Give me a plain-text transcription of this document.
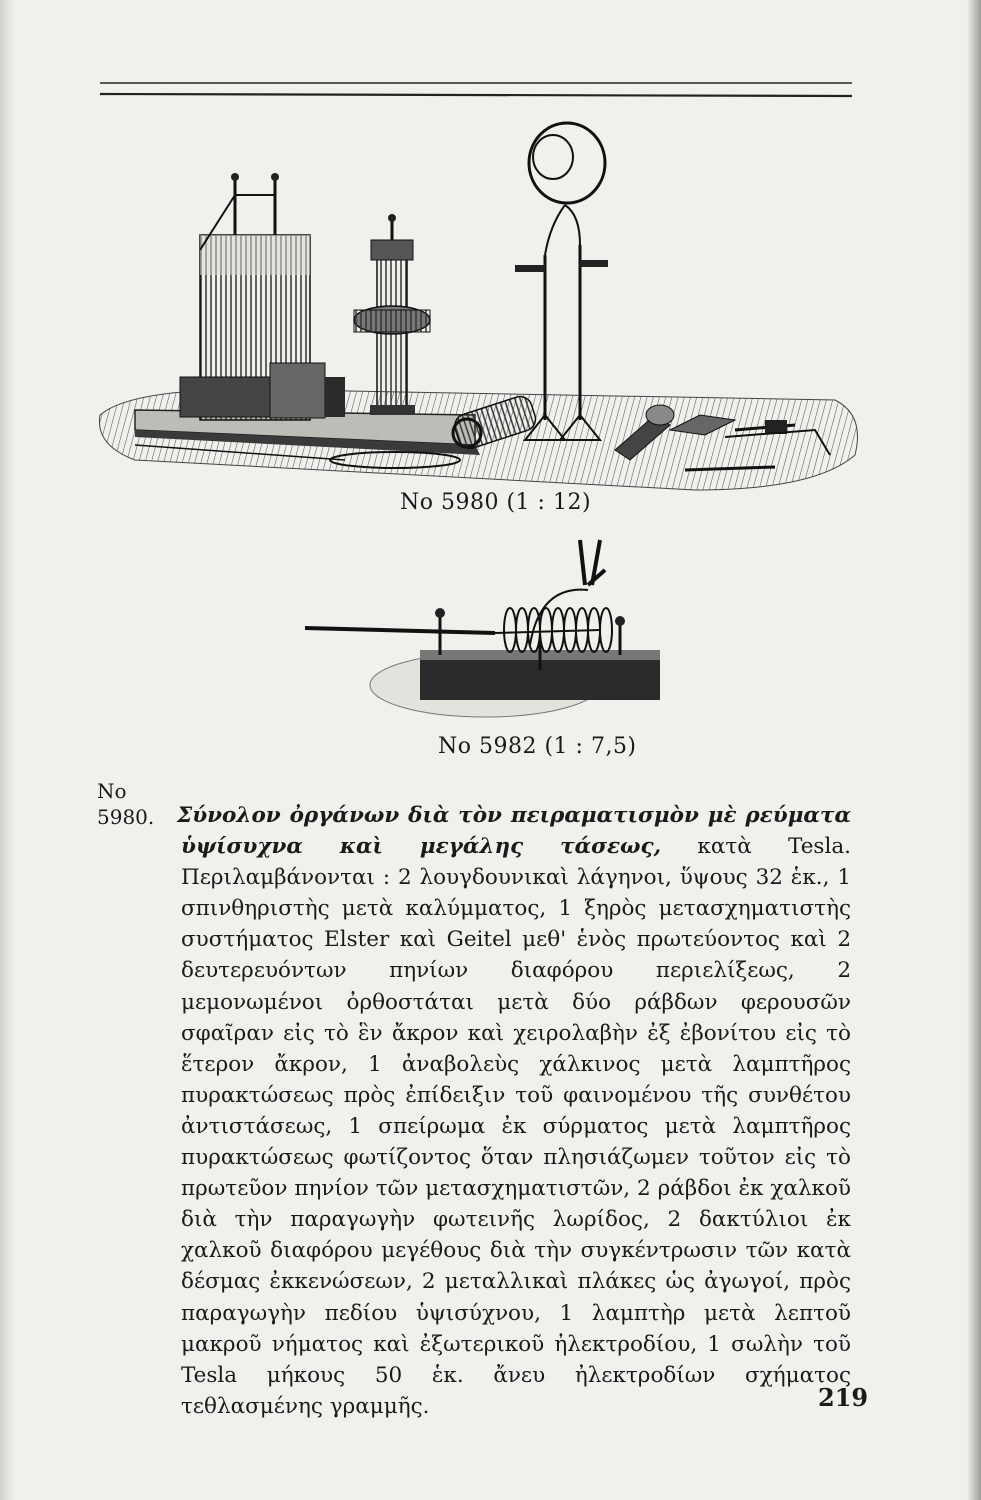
No 5980 (1 : 12)
No 5982 (1 : 7,5)
No
5980. Σύνολον ὀργάνων διὰ τὸν πειραματισμὸν μὲ ρεύματα ὑψίσυχνα καὶ μεγάλης τάσεως, κατὰ Tesla. Περιλαμβάνονται : 2 λουγδουνικαὶ λάγηνοι, ὕψους 32 ἑκ., 1 σπινθηριστὴς μετὰ καλύμματος, 1 ξηρὸς μετασχηματιστὴς συστήματος Elster καὶ Geitel μεθ' ἑνὸς πρωτεύοντος καὶ 2 δευτερευόντων πηνίων διαφόρου περιελίξεως, 2 μεμονωμένοι ὀρθοστάται μετὰ δύο ράβδων φερουσῶν σφαῖραν εἰς τὸ ἓν ἄκρον καὶ χειρολαβὴν ἐξ ἐβονίτου εἰς τὸ ἕτερον ἄκρον, 1 ἀναβολεὺς χάλκινος μετὰ λαμπτῆρος πυρακτώσεως πρὸς ἐπίδειξιν τοῦ φαινομένου τῆς συνθέτου ἀντιστάσεως, 1 σπείρωμα ἐκ σύρματος μετὰ λαμπτῆρος πυρακτώσεως φωτίζοντος ὅταν πλησιάζωμεν τοῦτον εἰς τὸ πρωτεῦον πηνίον τῶν μετασχηματιστῶν, 2 ράβδοι ἐκ χαλκοῦ διὰ τὴν παραγωγὴν φωτεινῆς λωρίδος, 2 δακτύλιοι ἐκ χαλκοῦ διαφόρου μεγέθους διὰ τὴν συγκέντρωσιν τῶν κατὰ δέσμας ἐκκενώσεων, 2 μεταλλικαὶ πλάκες ὡς ἀγωγοί, πρὸς παραγωγὴν πεδίου ὑψισύχνου, 1 λαμπτὴρ μετὰ λεπτοῦ μακροῦ νήματος καὶ ἐξωτερικοῦ ἠλεκτροδίου, 1 σωλὴν τοῦ Tesla μήκους 50 ἑκ. ἄνευ ἠλεκτροδίων σχήματος τεθλασμένης γραμμῆς.	219
